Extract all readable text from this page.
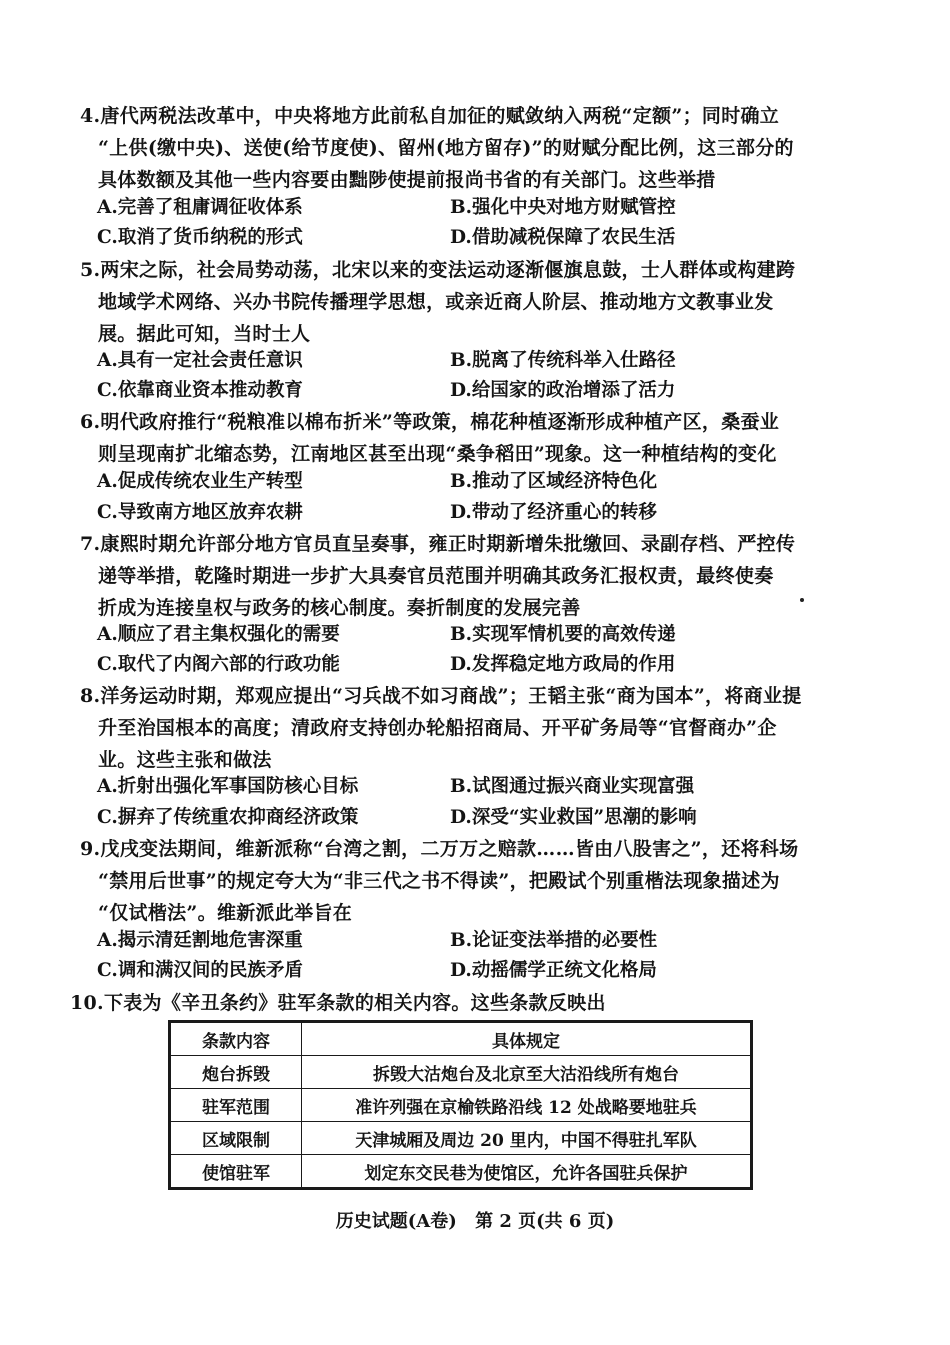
4.唐代两税法改革中，中央将地方此前私自加征的赋敛纳入两税“定额”；同时确立

“上供(缴中央)、送使(给节度使)、留州(地方留存)”的财赋分配比例，这三部分的
具体数额及其他一些内容要由黜陟使提前报尚书省的有关部门。这些举措
A.完善了租庸调征收体系	B.强化中央对地方财赋管控
C.取消了货币纳税的形式	D.借助减税保障了农民生活
5.两宋之际，社会局势动荡，北宋以来的变法运动逐渐偃旗息鼓，士人群体或构建跨

地域学术网络、兴办书院传播理学思想，或亲近商人阶层、推动地方文教事业发
展。据此可知，当时士人
A.具有一定社会责任意识	B.脱离了传统科举入仕路径
C.依靠商业资本推动教育	D.给国家的政治增添了活力
6.明代政府推行“税粮准以棉布折米”等政策，棉花种植逐渐形成种植产区，桑蚕业

则呈现南扩北缩态势，江南地区甚至出现“桑争稻田”现象。这一种植结构的变化
A.促成传统农业生产转型	B.推动了区域经济特色化
C.导致南方地区放弃农耕	D.带动了经济重心的转移
7.康熙时期允许部分地方官员直呈奏事，雍正时期新增朱批缴回、录副存档、严控传

递等举措，乾隆时期进一步扩大具奏官员范围并明确其政务汇报权责，最终使奏
折成为连接皇权与政务的核心制度。奏折制度的发展完善
A.顺应了君主集权强化的需要	B.实现军情机要的高效传递
C.取代了内阁六部的行政功能	D.发挥稳定地方政局的作用
8.洋务运动时期，郑观应提出“习兵战不如习商战”；王韬主张“商为国本”，将商业提

升至治国根本的高度；清政府支持创办轮船招商局、开平矿务局等“官督商办”企
业。这些主张和做法
A.折射出强化军事国防核心目标	B.试图通过振兴商业实现富强
C.摒弃了传统重农抑商经济政策	D.深受“实业救国”思潮的影响
9.戊戌变法期间，维新派称“台湾之割，二万万之赔款……皆由八股害之”，还将科场

“禁用后世事”的规定夸大为“非三代之书不得读”，把殿试个别重楷法现象描述为
“仅试楷法”。维新派此举旨在
A.揭示清廷割地危害深重	B.论证变法举措的必要性
C.调和满汉间的民族矛盾	D.动摇儒学正统文化格局
10.下表为《辛丑条约》驻军条款的相关内容。这些条款反映出
条款内容	具体规定
炮台拆毁	拆毁大沽炮台及北京至大沽沿线所有炮台
驻军范围	准许列强在京榆铁路沿线 12 处战略要地驻兵
区域限制	天津城厢及周边 20 里内，中国不得驻扎军队
使馆驻军	划定东交民巷为使馆区，允许各国驻兵保护
历史试题(A卷) 第 2 页(共 6 页)
